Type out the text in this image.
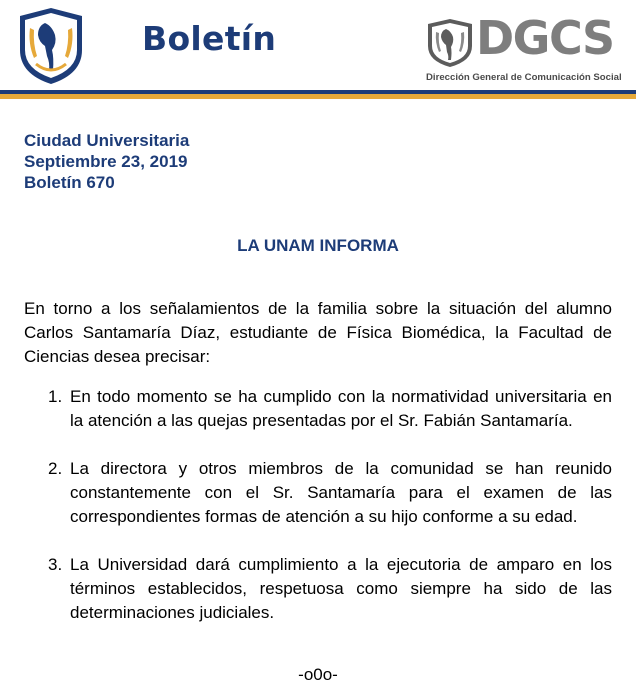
Boletín	DGCS
Dirección General de Comunicación Social
Ciudad Universitaria
Septiembre 23, 2019
Boletín 670
LA UNAM INFORMA
En torno a los señalamientos de la familia sobre la situación del alumno Carlos Santamaría Díaz, estudiante de Física Biomédica, la Facultad de Ciencias desea precisar:
1. En todo momento se ha cumplido con la normatividad universitaria en la atención a las quejas presentadas por el Sr. Fabián Santamaría.
2. La directora y otros miembros de la comunidad se han reunido constantemente con el Sr. Santamaría para el examen de las correspondientes formas de atención a su hijo conforme a su edad.
3. La Universidad dará cumplimiento a la ejecutoria de amparo en los términos establecidos, respetuosa como siempre ha sido de las determinaciones judiciales.
-o0o-
